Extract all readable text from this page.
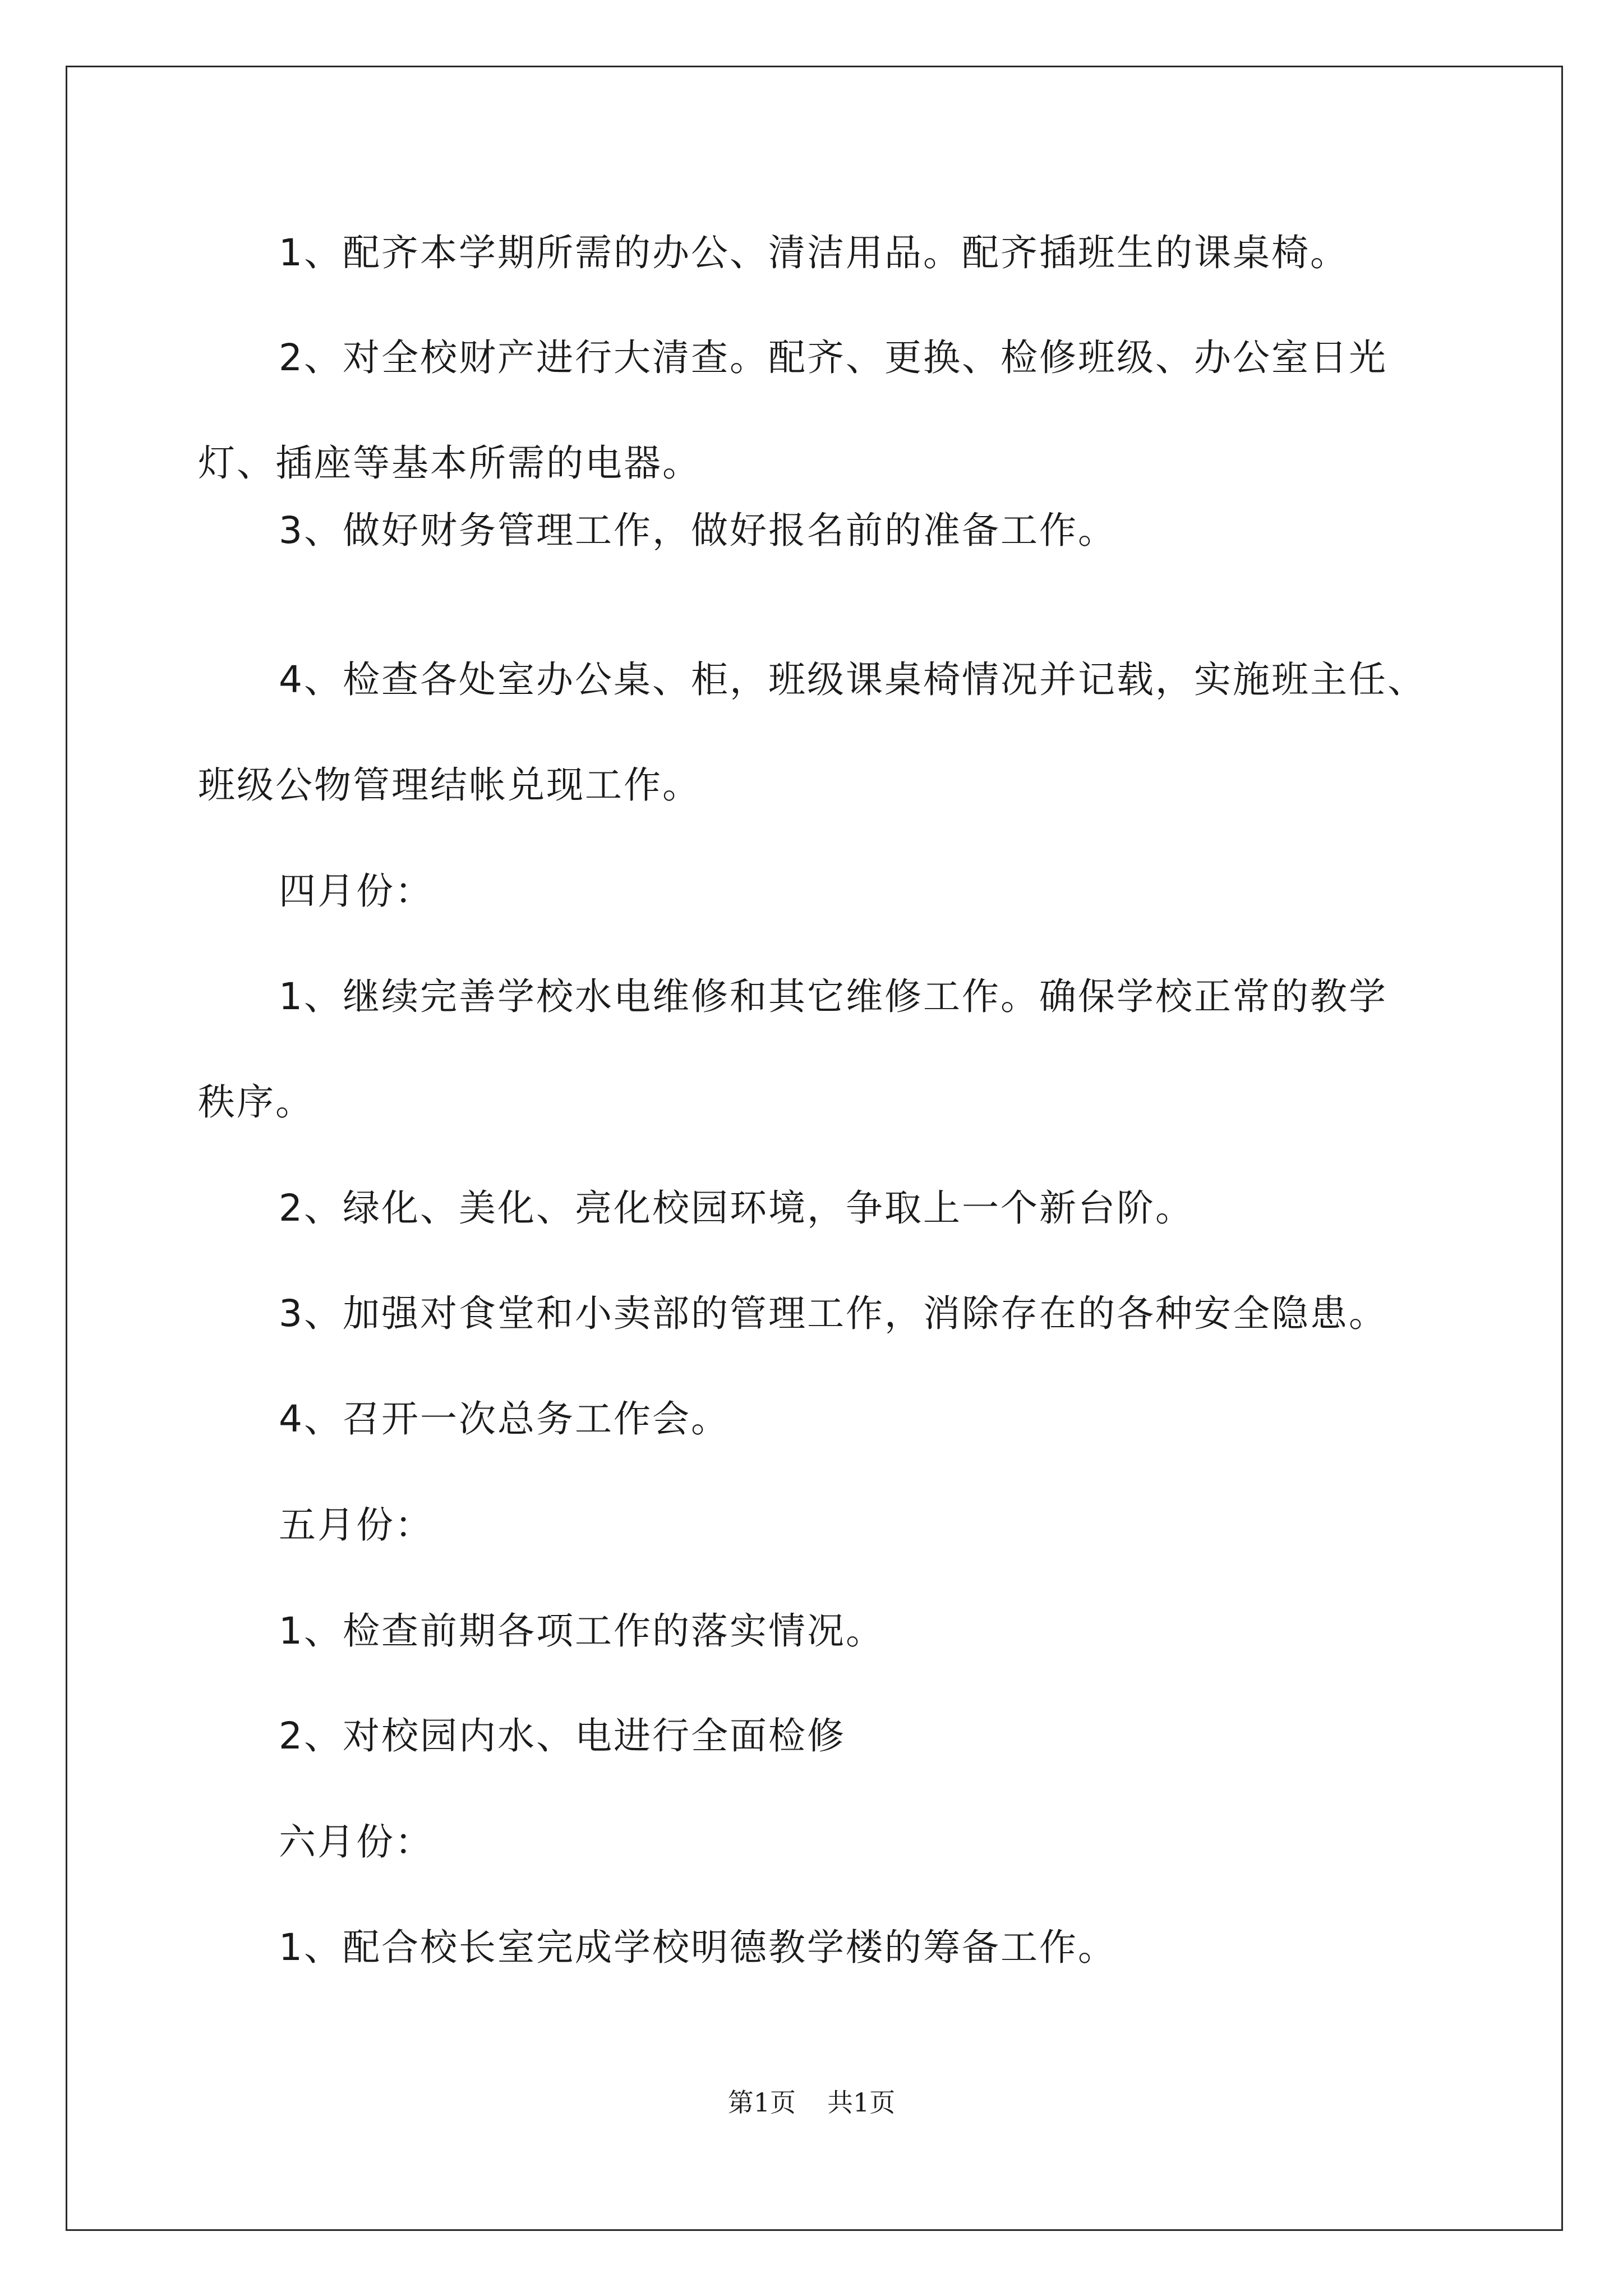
1、配齐本学期所需的办公、清洁用品。配齐插班生的课桌椅。

2、对全校财产进行大清查。配齐、更换、检修班级、办公室日光

灯、插座等基本所需的电器。

3、做好财务管理工作，做好报名前的准备工作。

4、检查各处室办公桌、柜，班级课桌椅情况并记载，实施班主任、

班级公物管理结帐兑现工作。

四月份：

1、继续完善学校水电维修和其它维修工作。确保学校正常的教学

秩序。

2、绿化、美化、亮化校园环境，争取上一个新台阶。

3、加强对食堂和小卖部的管理工作，消除存在的各种安全隐患。

4、召开一次总务工作会。

五月份：

1、检查前期各项工作的落实情况。

2、对校园内水、电进行全面检修

六月份：

1、配合校长室完成学校明德教学楼的筹备工作。

第1页 共1页
